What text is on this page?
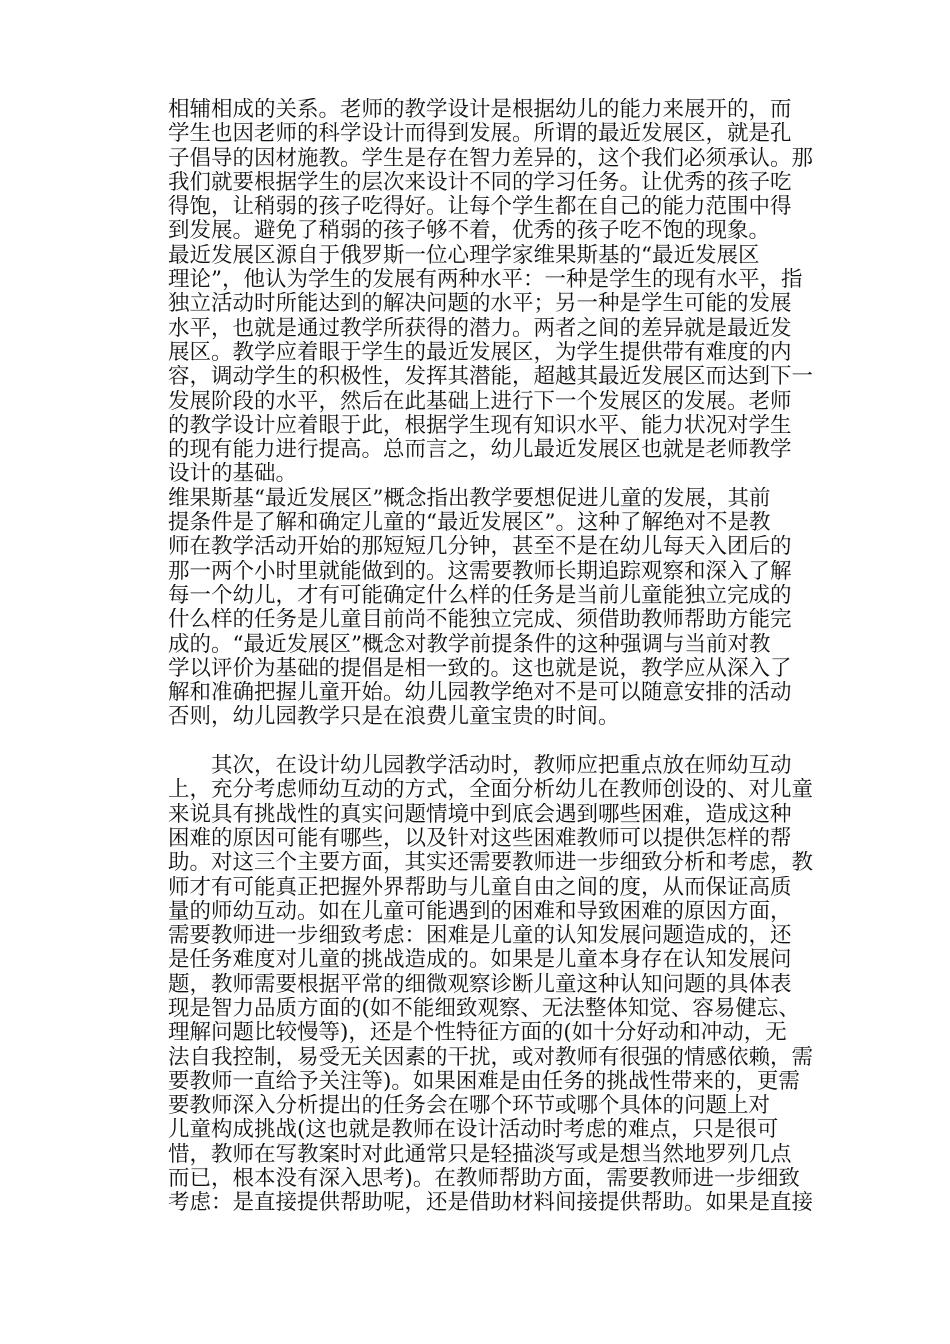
相辅相成的关系。老师的教学设计是根据幼儿的能力来展开的，而
学生也因老师的科学设计而得到发展。所谓的最近发展区，就是孔
子倡导的因材施教。学生是存在智力差异的，这个我们必须承认。那
我们就要根据学生的层次来设计不同的学习任务。让优秀的孩子吃
得饱，让稍弱的孩子吃得好。让每个学生都在自己的能力范围中得
到发展。避免了稍弱的孩子够不着，优秀的孩子吃不饱的现象。
最近发展区源自于俄罗斯一位心理学家维果斯基的“最近发展区
理论”，他认为学生的发展有两种水平：一种是学生的现有水平，指
独立活动时所能达到的解决问题的水平；另一种是学生可能的发展
水平，也就是通过教学所获得的潜力。两者之间的差异就是最近发
展区。教学应着眼于学生的最近发展区，为学生提供带有难度的内
容，调动学生的积极性，发挥其潜能，超越其最近发展区而达到下一
发展阶段的水平，然后在此基础上进行下一个发展区的发展。老师
的教学设计应着眼于此，根据学生现有知识水平、能力状况对学生
的现有能力进行提高。总而言之，幼儿最近发展区也就是老师教学
设计的基础。
维果斯基“最近发展区”概念指出教学要想促进儿童的发展，其前
提条件是了解和确定儿童的“最近发展区”。这种了解绝对不是教
师在教学活动开始的那短短几分钟，甚至不是在幼儿每天入团后的
那一两个小时里就能做到的。这需要教师长期追踪观察和深入了解
每一个幼儿，才有可能确定什么样的任务是当前儿童能独立完成的
什么样的任务是儿童目前尚不能独立完成、须借助教师帮助方能完
成的。“最近发展区”概念对教学前提条件的这种强调与当前对教
学以评价为基础的提倡是相一致的。这也就是说，教学应从深入了
解和准确把握儿童开始。幼儿园教学绝对不是可以随意安排的活动
否则，幼儿园教学只是在浪费儿童宝贵的时间。
其次，在设计幼儿园教学活动时，教师应把重点放在师幼互动
上，充分考虑师幼互动的方式，全面分析幼儿在教师创设的、对儿童
来说具有挑战性的真实问题情境中到底会遇到哪些困难，造成这种
困难的原因可能有哪些，以及针对这些困难教师可以提供怎样的帮
助。对这三个主要方面，其实还需要教师进一步细致分析和考虑，教
师才有可能真正把握外界帮助与儿童自由之间的度，从而保证高质
量的师幼互动。如在儿童可能遇到的困难和导致困难的原因方面，
需要教师进一步细致考虑：困难是儿童的认知发展问题造成的，还
是任务难度对儿童的挑战造成的。如果是儿童本身存在认知发展问
题，教师需要根据平常的细微观察诊断儿童这种认知问题的具体表
现是智力品质方面的(如不能细致观察、无法整体知觉、容易健忘、
理解问题比较慢等)，还是个性特征方面的(如十分好动和冲动，无
法自我控制，易受无关因素的干扰，或对教师有很强的情感依赖，需
要教师一直给予关注等)。如果困难是由任务的挑战性带来的，更需
要教师深入分析提出的任务会在哪个环节或哪个具体的问题上对
儿童构成挑战(这也就是教师在设计活动时考虑的难点，只是很可
惜，教师在写教案时对此通常只是轻描淡写或是想当然地罗列几点
而已，根本没有深入思考)。在教师帮助方面，需要教师进一步细致
考虑：是直接提供帮助呢，还是借助材料间接提供帮助。如果是直接
